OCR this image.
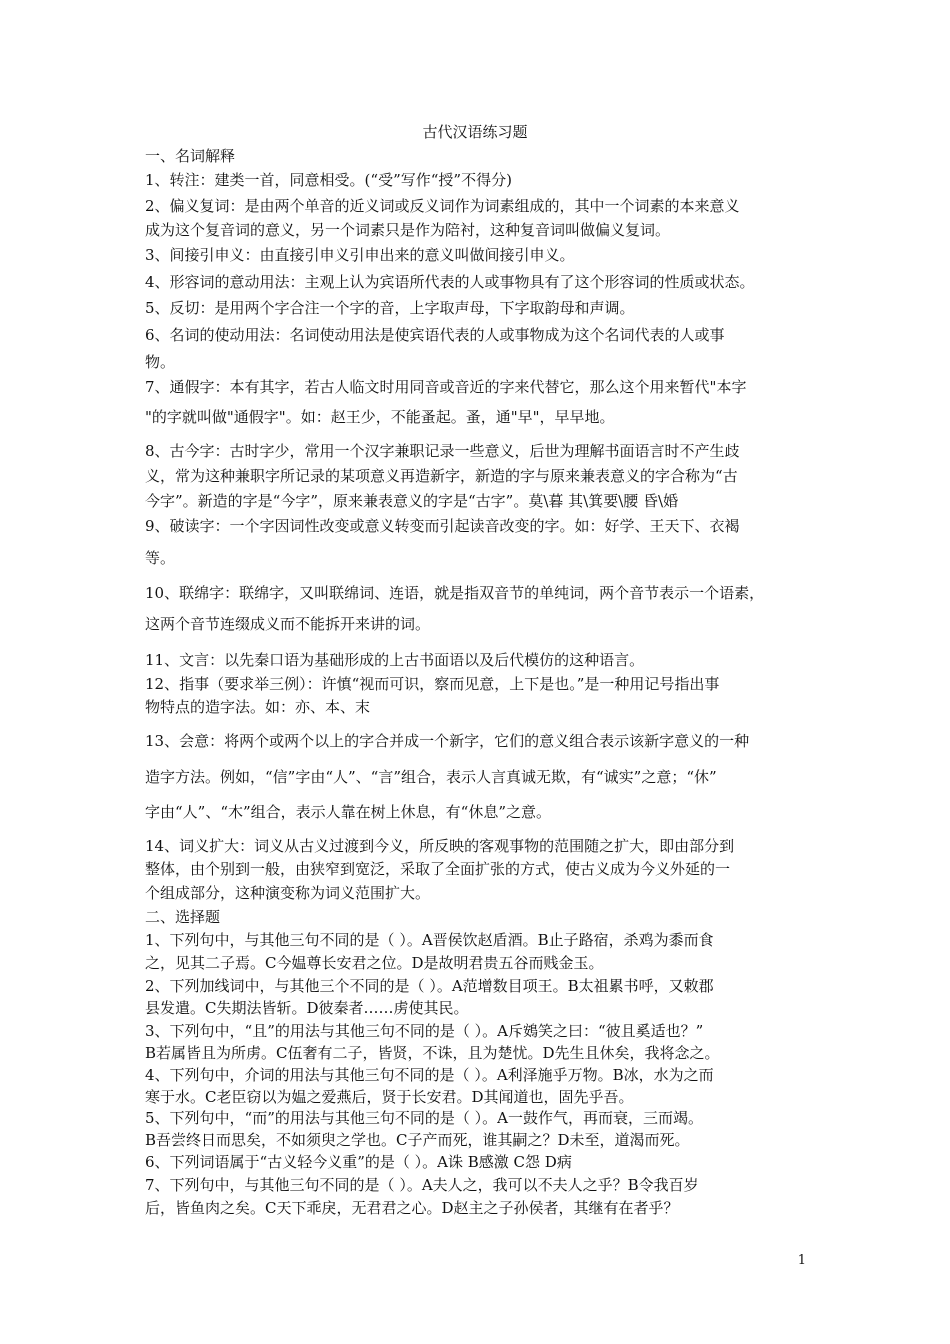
古代汉语练习题
一、名词解释
1、转注：建类一首，同意相受。(“受”写作“授”不得分)
2、偏义复词：是由两个单音的近义词或反义词作为词素组成的，其中一个词素的本来意义
成为这个复音词的意义，另一个词素只是作为陪衬，这种复音词叫做偏义复词。
3、间接引申义：由直接引申义引申出来的意义叫做间接引申义。
4、形容词的意动用法：主观上认为宾语所代表的人或事物具有了这个形容词的性质或状态。
5、反切：是用两个字合注一个字的音，上字取声母，下字取韵母和声调。
6、名词的使动用法：名词使动用法是使宾语代表的人或事物成为这个名词代表的人或事
物。
7、通假字：本有其字，若古人临文时用同音或音近的字来代替它，那么这个用来暂代"本字
"的字就叫做"通假字"。如：赵王少，不能蚤起。蚤，通"早"，早早地。
8、古今字：古时字少，常用一个汉字兼职记录一些意义，后世为理解书面语言时不产生歧
义，常为这种兼职字所记录的某项意义再造新字，新造的字与原来兼表意义的字合称为“古
今字”。新造的字是“今字”，原来兼表意义的字是“古字”。莫\暮 其\箕要\腰 昏\婚
9、破读字：一个字因词性改变或意义转变而引起读音改变的字。如：好学、王天下、衣褐
等。
10、联绵字：联绵字，又叫联绵词、连语，就是指双音节的单纯词，两个音节表示一个语素，
这两个音节连缀成义而不能拆开来讲的词。
11、文言：以先秦口语为基础形成的上古书面语以及后代模仿的这种语言。
12、指事（要求举三例）：许慎“视而可识，察而见意，上下是也。”是一种用记号指出事
物特点的造字法。如：亦、本、末
13、会意：将两个或两个以上的字合并成一个新字，它们的意义组合表示该新字意义的一种
造字方法。例如，“信”字由“人”、“言”组合，表示人言真诚无欺，有“诚实”之意；“休”
字由“人”、“木”组合，表示人靠在树上休息，有“休息”之意。
14、词义扩大：词义从古义过渡到今义，所反映的客观事物的范围随之扩大，即由部分到
整体，由个别到一般，由狭窄到宽泛，采取了全面扩张的方式，使古义成为今义外延的一
个组成部分，这种演变称为词义范围扩大。
二、选择题
1、下列句中，与其他三句不同的是（ ）。A晋侯饮赵盾酒。B止子路宿，杀鸡为黍而食
之，见其二子焉。C今媪尊长安君之位。D是故明君贵五谷而贱金玉。
2、下列加线词中，与其他三个不同的是（ ）。A范增数目项王。B太祖累书呼，又敕郡
县发遣。C失期法皆斩。D彼秦者……虏使其民。
3、下列句中，“且”的用法与其他三句不同的是（ ）。A斥鴳笑之曰：“彼且奚适也？”
B若属皆且为所虏。C伍奢有二子，皆贤，不诛，且为楚忧。D先生且休矣，我将念之。
4、下列句中，介词的用法与其他三句不同的是（ ）。A利泽施乎万物。B冰，水为之而
寒于水。C老臣窃以为媪之爱燕后，贤于长安君。D其闻道也，固先乎吾。
5、下列句中，“而”的用法与其他三句不同的是（ ）。A一鼓作气，再而衰，三而竭。
B吾尝终日而思矣，不如须臾之学也。C子产而死，谁其嗣之？D未至，道渴而死。
6、下列词语属于“古义轻今义重”的是（ ）。A诛 B感激 C怨 D病
7、下列句中，与其他三句不同的是（ ）。A夫人之，我可以不夫人之乎？B令我百岁
后，皆鱼肉之矣。C天下乖戾，无君君之心。D赵主之子孙侯者，其继有在者乎？
1
